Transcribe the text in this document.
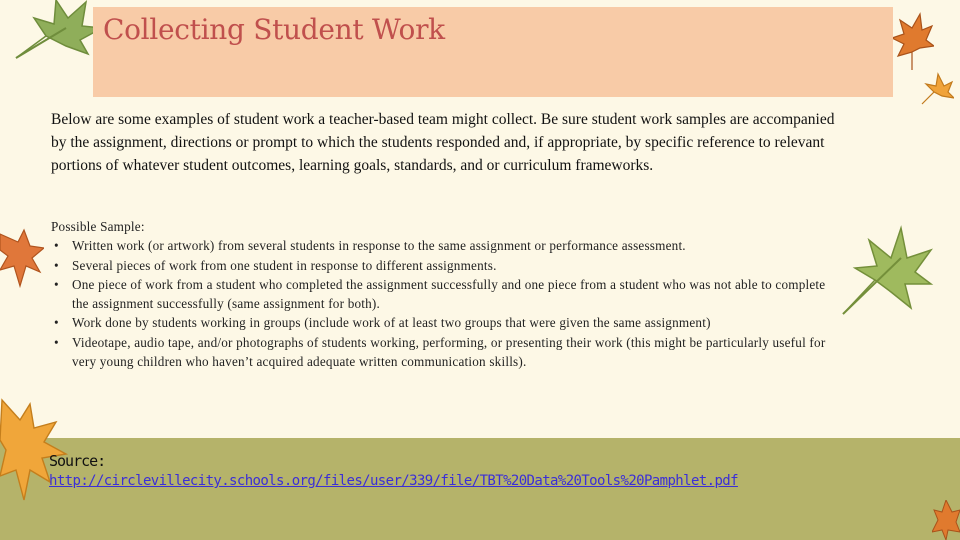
Collecting Student Work

Below are some examples of student work a teacher-based team might collect. Be sure student work samples are accompanied by the assignment, directions or prompt to which the students responded and, if appropriate, by specific reference to relevant portions of whatever student outcomes, learning goals, standards, and or curriculum frameworks.

Possible Sample:
• Written work (or artwork) from several students in response to the same assignment or performance assessment.
• Several pieces of work from one student in response to different assignments.
• One piece of work from a student who completed the assignment successfully and one piece from a student who was not able to complete the assignment successfully (same assignment for both).
• Work done by students working in groups (include work of at least two groups that were given the same assignment)
• Videotape, audio tape, and/or photographs of students working, performing, or presenting their work (this might be particularly useful for very young children who haven’t acquired adequate written communication skills).
Source:
http://circlevillecity.schools.org/files/user/339/file/TBT%20Data%20Tools%20Pamphlet.pdf
